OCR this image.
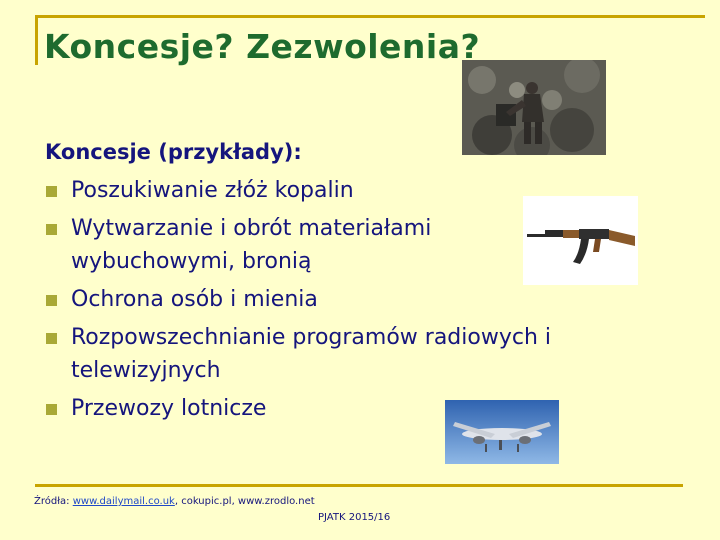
Koncesje? Zezwolenia?
Koncesje (przykłady):
Poszukiwanie złóż kopalin
Wytwarzanie i obrót materiałami
wybuchowymi, bronią
Ochrona osób i mienia
Rozpowszechnianie programów radiowych i
telewizyjnych
Przewozy lotnicze
Źródła: www.dailymail.co.uk, cokupic.pl, www.zrodlo.net
PJATK 2015/16
